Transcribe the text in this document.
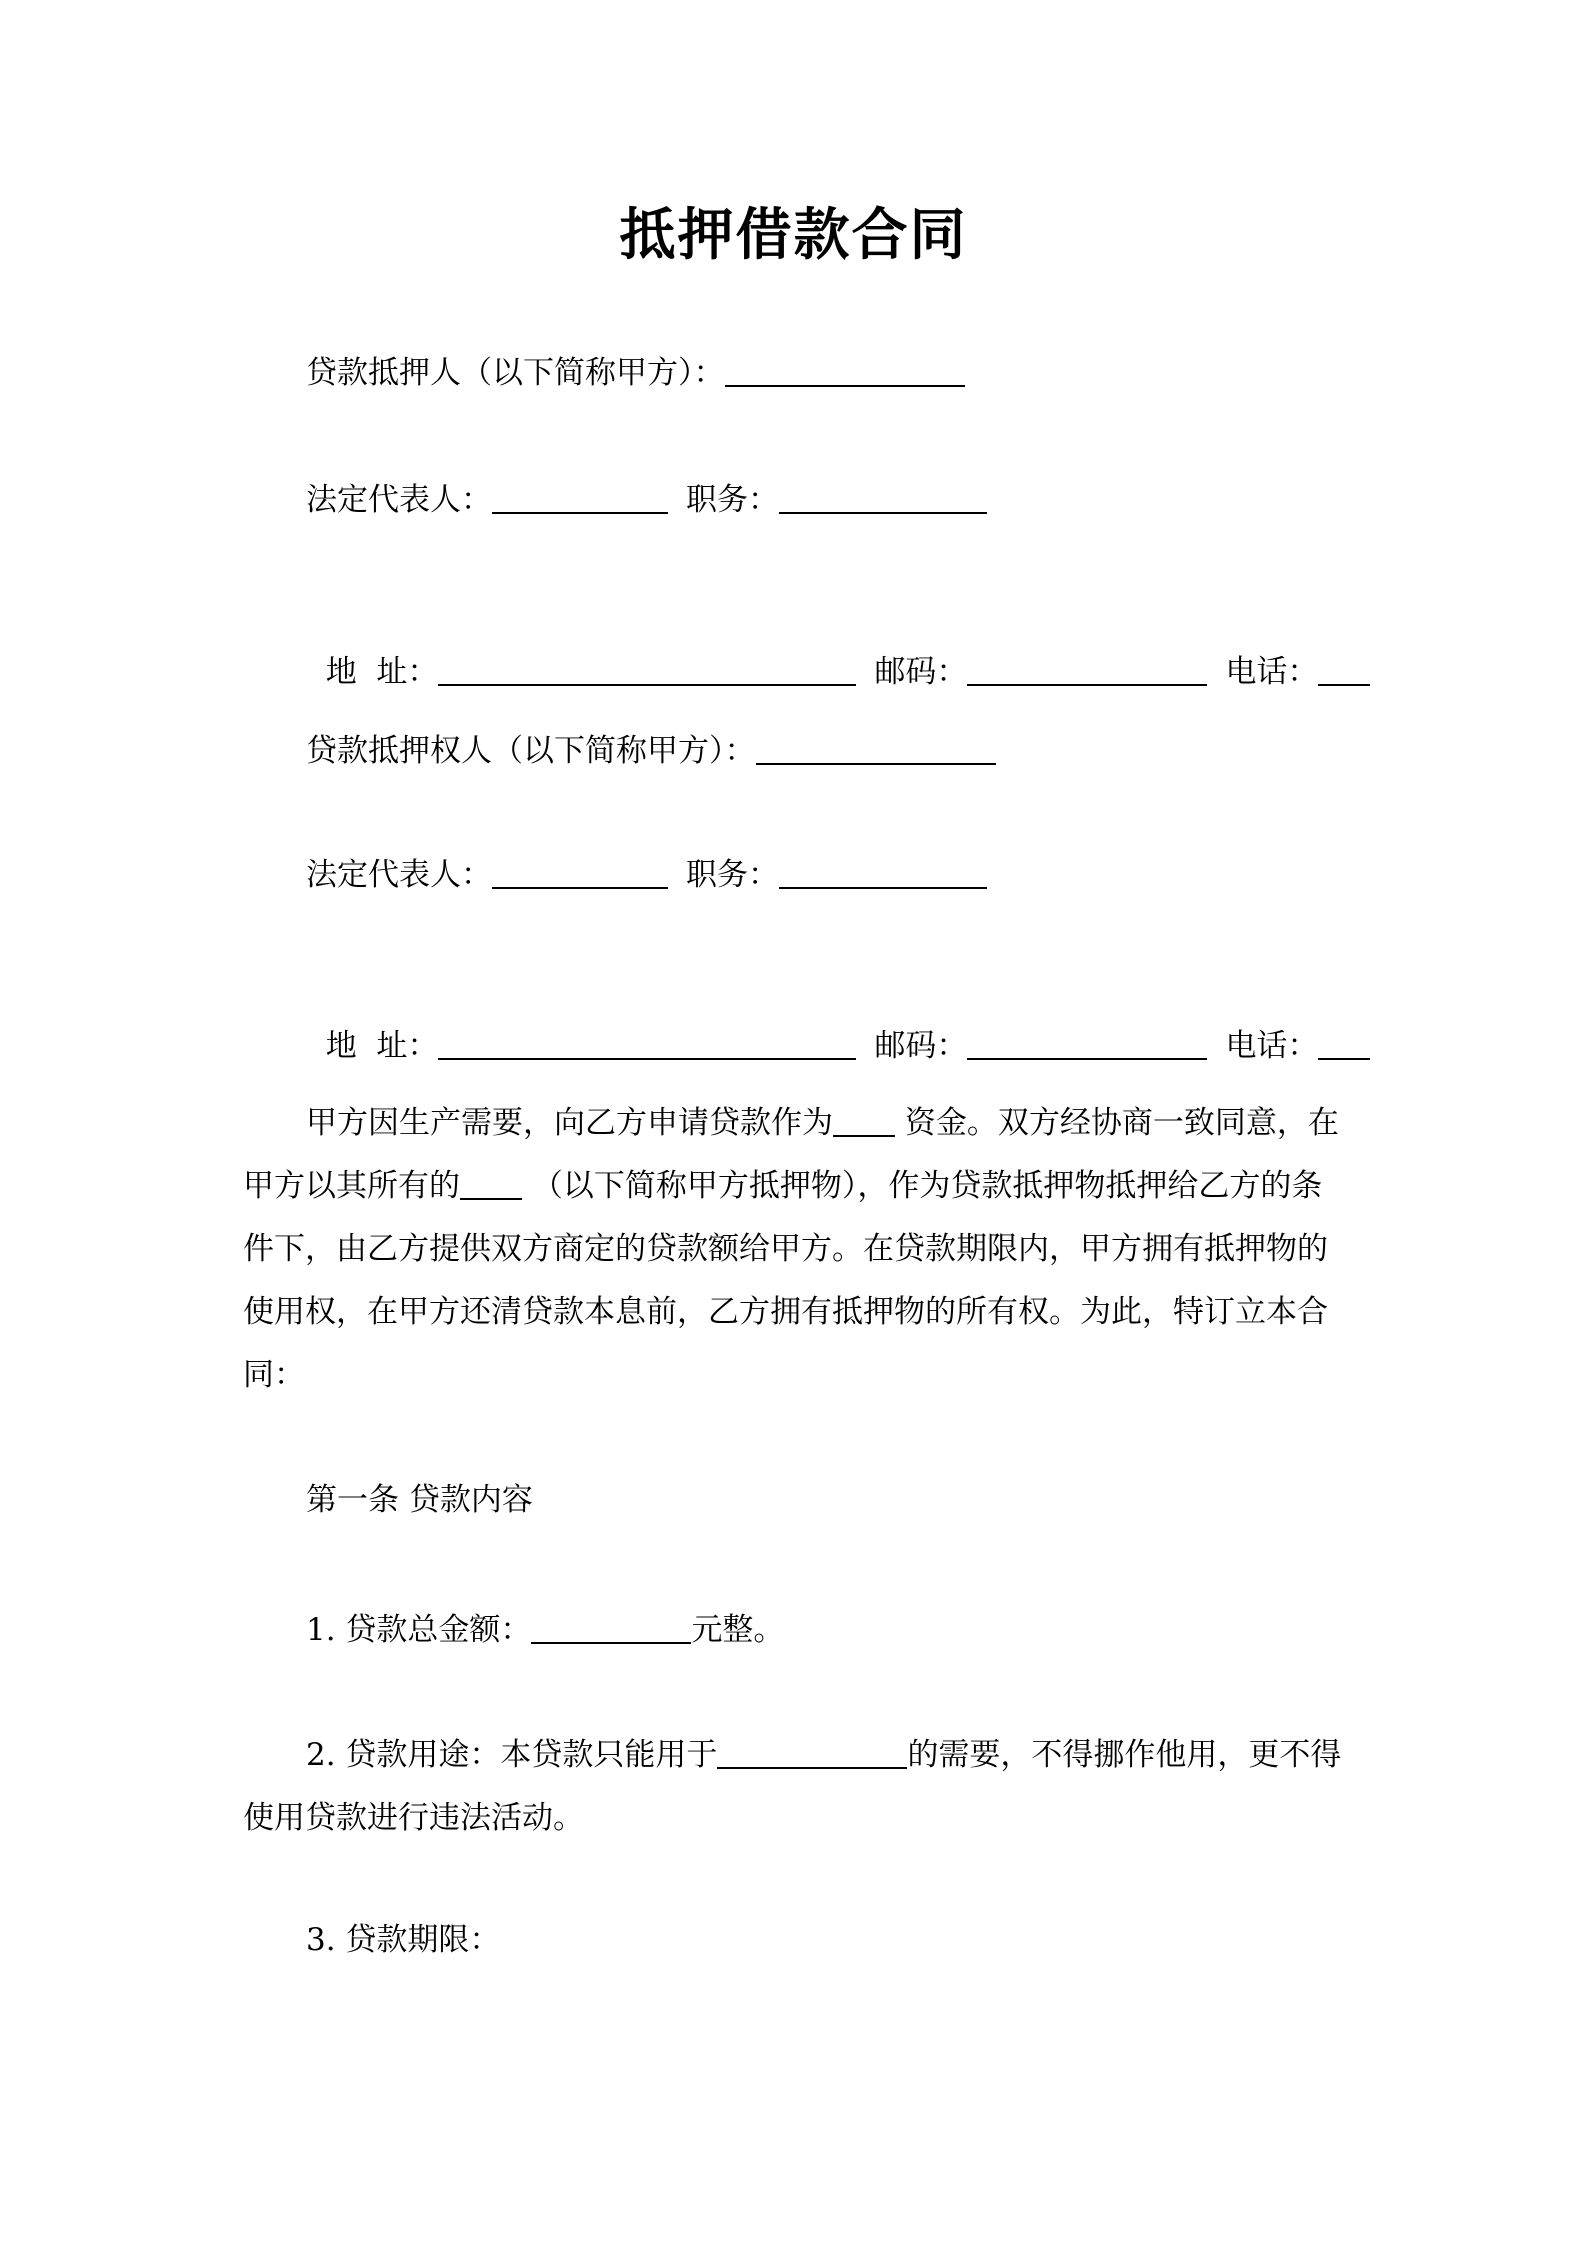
抵押借款合同
贷款抵押人（以下简称甲方）：
法定代表人：	职务：

地  址：	邮码：	电话：

贷款抵押权人（以下简称甲方）：
法定代表人：	职务：

地  址：	邮码：	电话：

甲方因生产需要，向乙方申请贷款作为 资金。双方经协商一致同意，在甲方以其所有的 （以下简称甲方抵押物），作为贷款抵押物抵押给乙方的条件下，由乙方提供双方商定的贷款额给甲方。在贷款期限内，甲方拥有抵押物的使用权，在甲方还清贷款本息前，乙方拥有抵押物的所有权。为此，特订立本合同：
第一条 贷款内容
1. 贷款总金额：	元整。
2. 贷款用途：本贷款只能用于	的需要，不得挪作他用，更不得使用贷款进行违法活动。
3. 贷款期限：
